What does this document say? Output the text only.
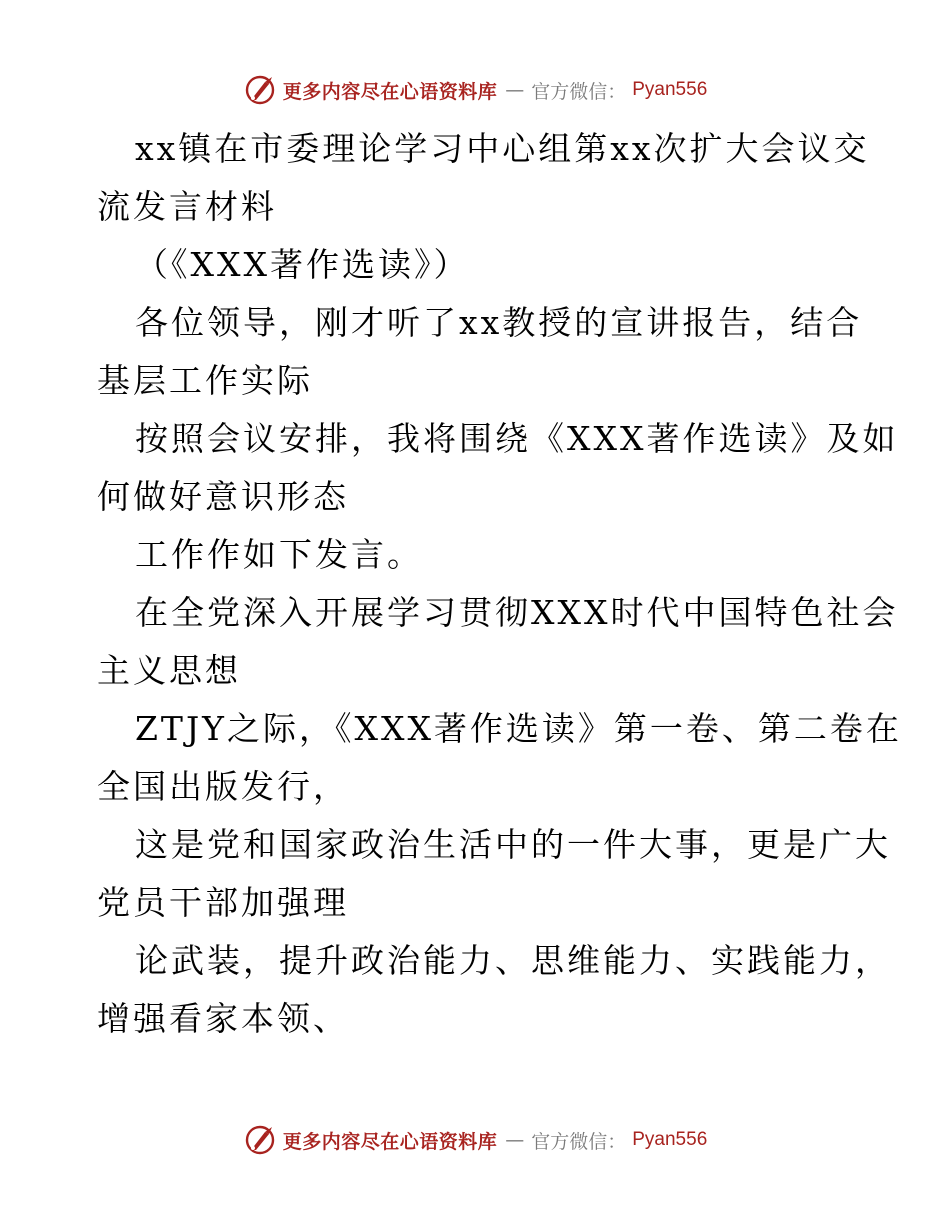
更多内容尽在心语资料库 — 官方微信： Pyan556
xx镇在市委理论学习中心组第xx次扩大会议交
流发言材料
（《XXX著作选读》）
各位领导，刚才听了xx教授的宣讲报告，结合
基层工作实际
按照会议安排，我将围绕《XXX著作选读》及如
何做好意识形态
工作作如下发言。
在全党深入开展学习贯彻XXX时代中国特色社会
主义思想
ZTJY之际，《XXX著作选读》第一卷、第二卷在
全国出版发行，
这是党和国家政治生活中的一件大事，更是广大
党员干部加强理
论武装，提升政治能力、思维能力、实践能力，
增强看家本领、
更多内容尽在心语资料库 — 官方微信： Pyan556
